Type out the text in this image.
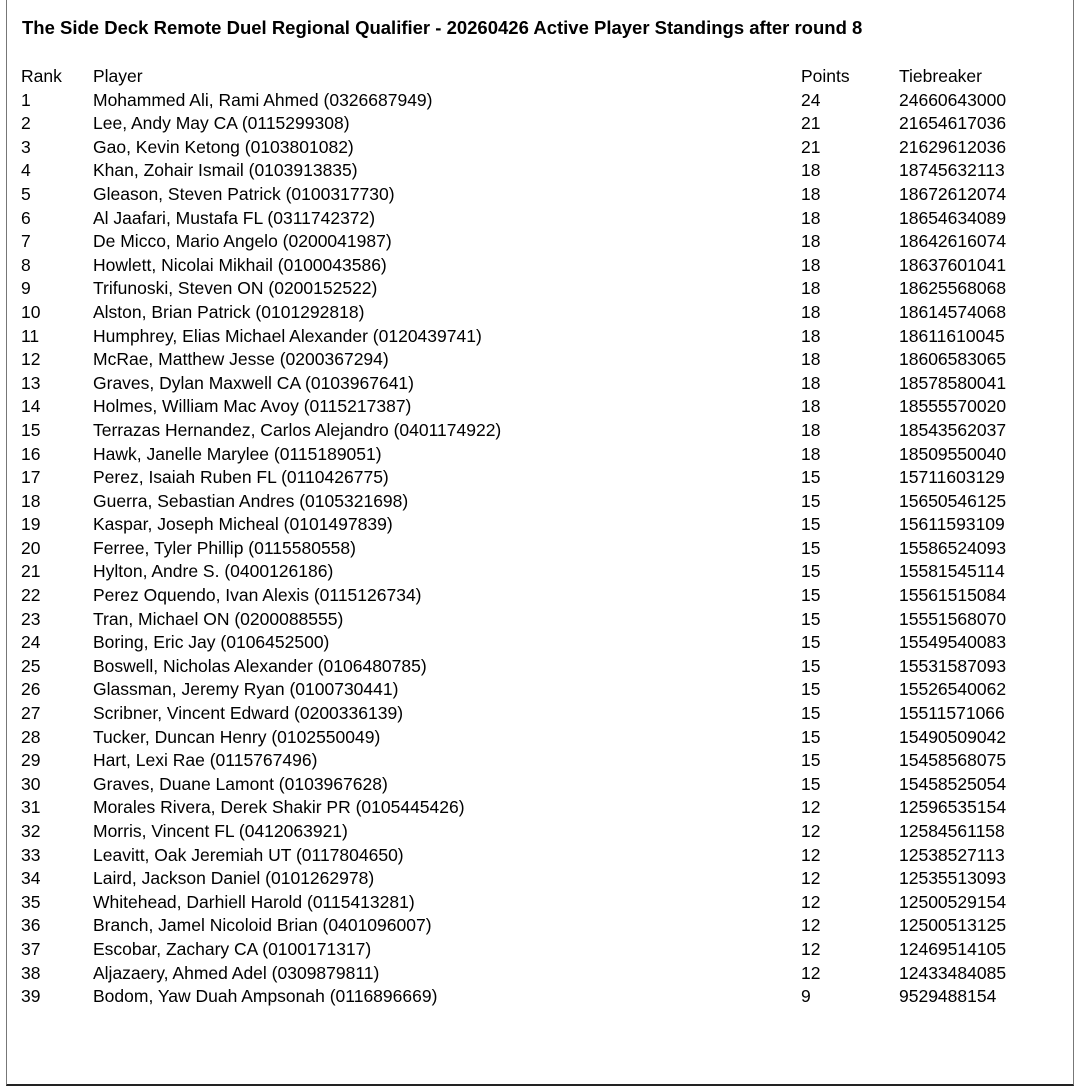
The Side Deck Remote Duel Regional Qualifier - 20260426 Active Player Standings after round 8
Rank Player	Points	Tiebreaker
1	Mohammed Ali, Rami Ahmed (0326687949)	24	24660643000
2	Lee, Andy May CA (0115299308)	21	21654617036
3	Gao, Kevin Ketong (0103801082)	21	21629612036
4	Khan, Zohair Ismail (0103913835)	18	18745632113
5	Gleason, Steven Patrick (0100317730)	18	18672612074
6	Al Jaafari, Mustafa FL (0311742372)	18	18654634089
7	De Micco, Mario Angelo (0200041987)	18	18642616074
8	Howlett, Nicolai Mikhail (0100043586)	18	18637601041
9	Trifunoski, Steven ON (0200152522)	18	18625568068
10	Alston, Brian Patrick (0101292818)	18	18614574068
11	Humphrey, Elias Michael Alexander (0120439741)	18	18611610045
12	McRae, Matthew Jesse (0200367294)	18	18606583065
13	Graves, Dylan Maxwell CA (0103967641)	18	18578580041
14	Holmes, William Mac Avoy (0115217387)	18	18555570020
15	Terrazas Hernandez, Carlos Alejandro (0401174922)	18	18543562037
16	Hawk, Janelle Marylee (0115189051)	18	18509550040
17	Perez, Isaiah Ruben FL (0110426775)	15	15711603129
18	Guerra, Sebastian Andres (0105321698)	15	15650546125
19	Kaspar, Joseph Micheal (0101497839)	15	15611593109
20	Ferree, Tyler Phillip (0115580558)	15	15586524093
21	Hylton, Andre S. (0400126186)	15	15581545114
22	Perez Oquendo, Ivan Alexis (0115126734)	15	15561515084
23	Tran, Michael ON (0200088555)	15	15551568070
24	Boring, Eric Jay (0106452500)	15	15549540083
25	Boswell, Nicholas Alexander (0106480785)	15	15531587093
26	Glassman, Jeremy Ryan (0100730441)	15	15526540062
27	Scribner, Vincent Edward (0200336139)	15	15511571066
28	Tucker, Duncan Henry (0102550049)	15	15490509042
29	Hart, Lexi Rae (0115767496)	15	15458568075
30	Graves, Duane Lamont (0103967628)	15	15458525054
31	Morales Rivera, Derek Shakir PR (0105445426)	12	12596535154
32	Morris, Vincent FL (0412063921)	12	12584561158
33	Leavitt, Oak Jeremiah UT (0117804650)	12	12538527113
34	Laird, Jackson Daniel (0101262978)	12	12535513093
35	Whitehead, Darhiell Harold (0115413281)	12	12500529154
36	Branch, Jamel Nicoloid Brian (0401096007)	12	12500513125
37	Escobar, Zachary CA (0100171317)	12	12469514105
38	Aljazaery, Ahmed Adel (0309879811)	12	12433484085
39	Bodom, Yaw Duah Ampsonah (0116896669)	9	9529488154
